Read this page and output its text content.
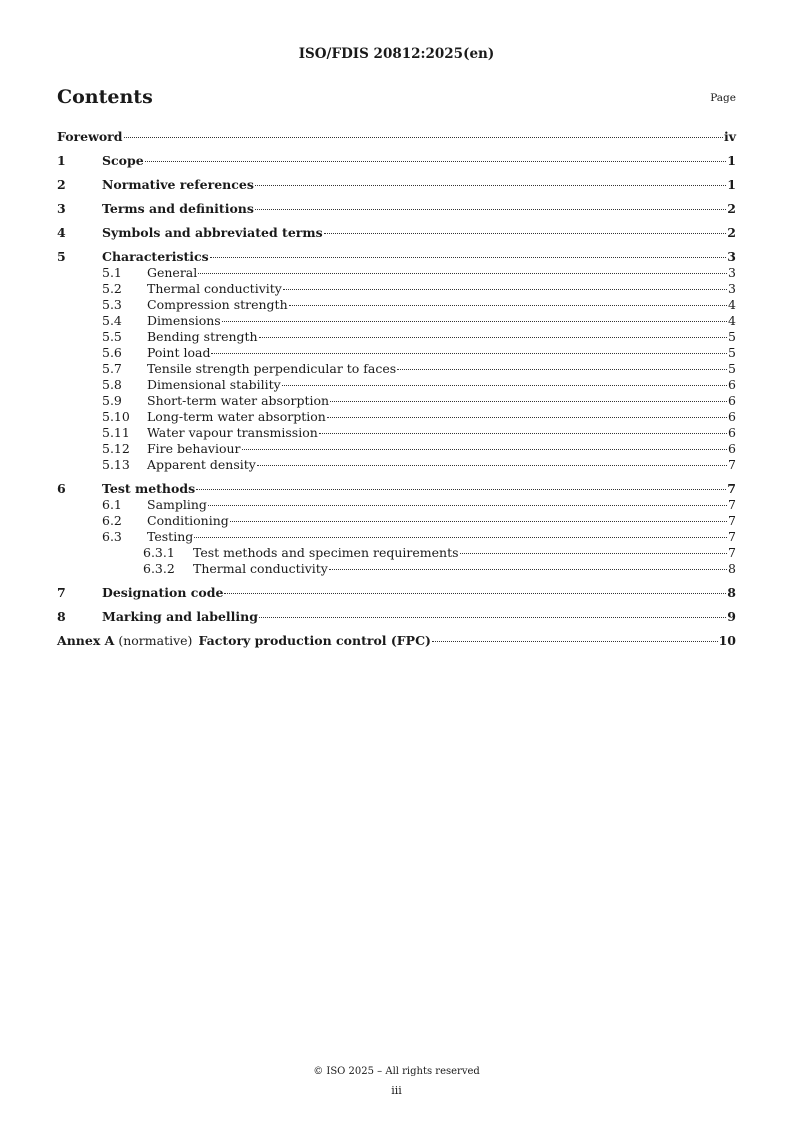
ISO/FDIS 20812:2025(en)
Contents	Page
Foreword	iv
1	Scope	1
2	Normative references	1
3	Terms and definitions	2
4	Symbols and abbreviated terms	2
5	Characteristics	3
5.1	General	3
5.2	Thermal conductivity	3
5.3	Compression strength	4
5.4	Dimensions	4
5.5	Bending strength	5
5.6	Point load	5
5.7	Tensile strength perpendicular to faces	5
5.8	Dimensional stability	6
5.9	Short-term water absorption	6
5.10	Long-term water absorption	6
5.11	Water vapour transmission	6
5.12	Fire behaviour	6
5.13	Apparent density	7
6	Test methods	7
6.1	Sampling	7
6.2	Conditioning	7
6.3	Testing	7
6.3.1	Test methods and specimen requirements	7
6.3.2	Thermal conductivity	8
7	Designation code	8
8	Marking and labelling	9
Annex A (normative) Factory production control (FPC)	10
© ISO 2025 – All rights reserved
iii
